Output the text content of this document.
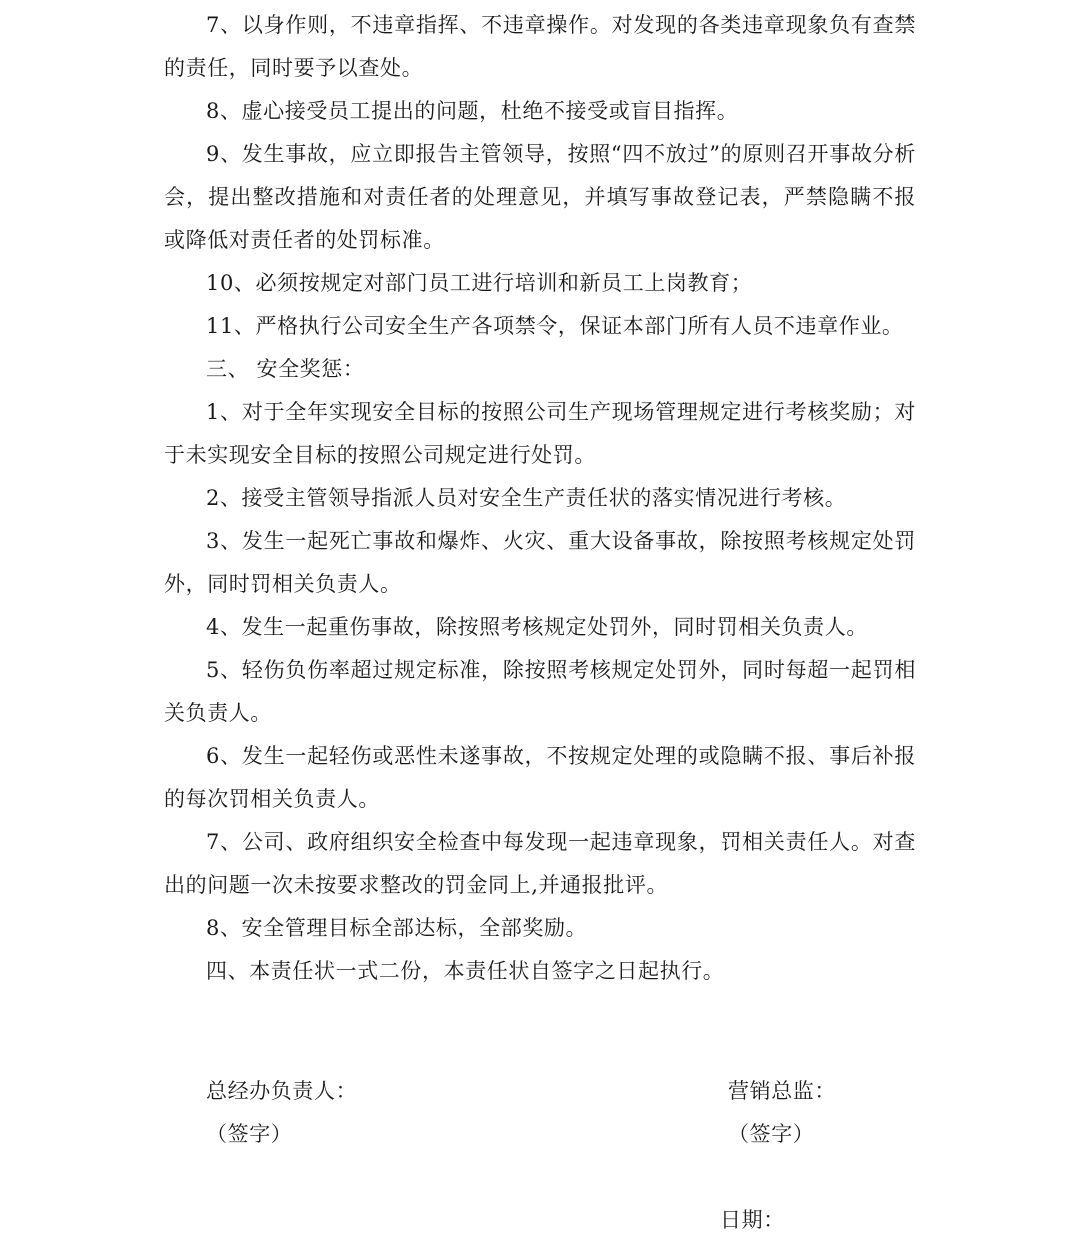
7、以身作则，不违章指挥、不违章操作。对发现的各类违章现象负有查禁的责任，同时要予以查处。

8、虚心接受员工提出的问题，杜绝不接受或盲目指挥。

9、发生事故，应立即报告主管领导，按照“四不放过”的原则召开事故分析会，提出整改措施和对责任者的处理意见，并填写事故登记表，严禁隐瞒不报或降低对责任者的处罚标准。

10、必须按规定对部门员工进行培训和新员工上岗教育；

11、严格执行公司安全生产各项禁令，保证本部门所有人员不违章作业。

三、 安全奖惩：

1、对于全年实现安全目标的按照公司生产现场管理规定进行考核奖励；对于未实现安全目标的按照公司规定进行处罚。

2、接受主管领导指派人员对安全生产责任状的落实情况进行考核。

3、发生一起死亡事故和爆炸、火灾、重大设备事故，除按照考核规定处罚外，同时罚相关负责人。

4、发生一起重伤事故，除按照考核规定处罚外，同时罚相关负责人。

5、轻伤负伤率超过规定标准，除按照考核规定处罚外，同时每超一起罚相关负责人。

6、发生一起轻伤或恶性未遂事故，不按规定处理的或隐瞒不报、事后补报的每次罚相关负责人。

7、公司、政府组织安全检查中每发现一起违章现象，罚相关责任人。对查出的问题一次未按要求整改的罚金同上,并通报批评。

8、安全管理目标全部达标，全部奖励。

四、本责任状一式二份，本责任状自签字之日起执行。

总经办负责人：
（签字）
营销总监：
（签字）
日期：
